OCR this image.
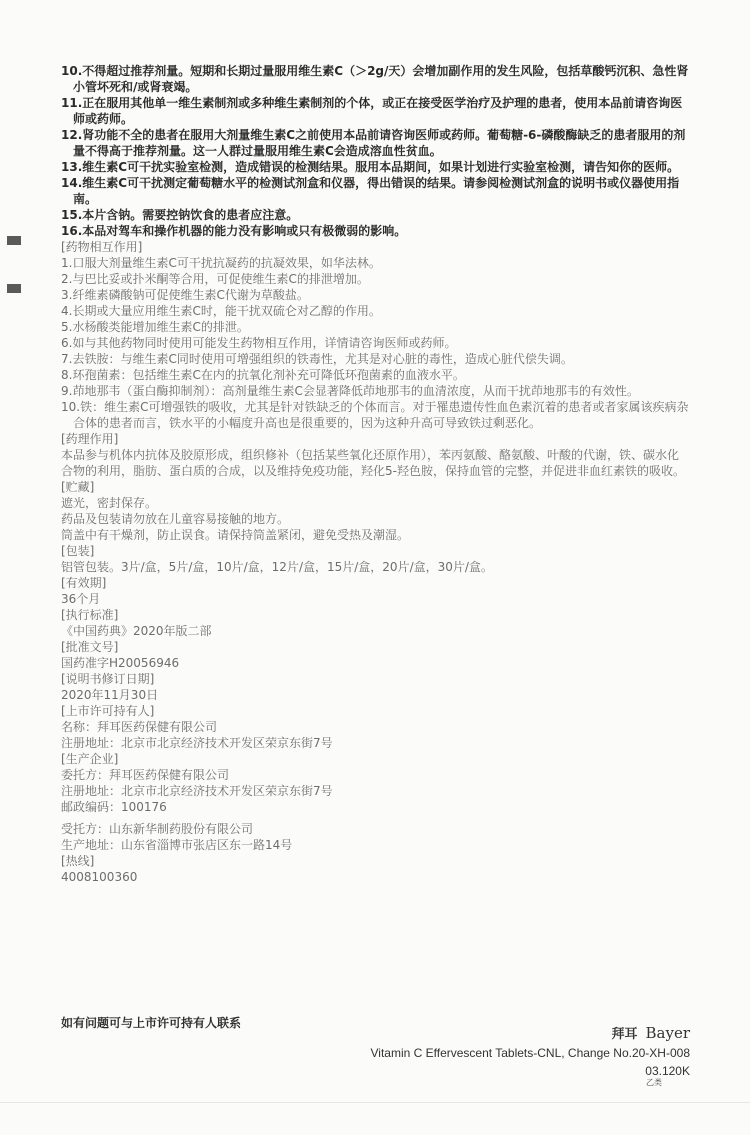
10.不得超过推荐剂量。短期和长期过量服用维生素C（＞2g/天）会增加副作用的发生风险，包括草酸钙沉积、急性肾小管坏死和/或肾衰竭。

11.正在服用其他单一维生素制剂或多种维生素制剂的个体，或正在接受医学治疗及护理的患者，使用本品前请咨询医师或药师。

12.肾功能不全的患者在服用大剂量维生素C之前使用本品前请咨询医师或药师。葡萄糖-6-磷酸酶缺乏的患者服用的剂量不得高于推荐剂量。这一人群过量服用维生素C会造成溶血性贫血。

13.维生素C可干扰实验室检测，造成错误的检测结果。服用本品期间，如果计划进行实验室检测，请告知你的医师。

14.维生素C可干扰测定葡萄糖水平的检测试剂盒和仪器，得出错误的结果。请参阅检测试剂盒的说明书或仪器使用指南。

15.本片含钠。需要控钠饮食的患者应注意。

16.本品对驾车和操作机器的能力没有影响或只有极微弱的影响。

[药物相互作用]

1.口服大剂量维生素C可干扰抗凝药的抗凝效果，如华法林。

2.与巴比妥或扑米酮等合用，可促使维生素C的排泄增加。

3.纤维素磷酸钠可促使维生素C代谢为草酸盐。

4.长期或大量应用维生素C时，能干扰双硫仑对乙醇的作用。

5.水杨酸类能增加维生素C的排泄。

6.如与其他药物同时使用可能发生药物相互作用，详情请咨询医师或药师。

7.去铁胺：与维生素C同时使用可增强组织的铁毒性，尤其是对心脏的毒性，造成心脏代偿失调。

8.环孢菌素：包括维生素C在内的抗氧化剂补充可降低环孢菌素的血液水平。

9.茚地那韦（蛋白酶抑制剂）：高剂量维生素C会显著降低茚地那韦的血清浓度，从而干扰茚地那韦的有效性。

10.铁：维生素C可增强铁的吸收，尤其是针对铁缺乏的个体而言。对于罹患遗传性血色素沉着的患者或者家属该疾病杂合体的患者而言，铁水平的小幅度升高也是很重要的，因为这种升高可导致铁过剩恶化。

[药理作用]

本品参与机体内抗体及胶原形成，组织修补（包括某些氧化还原作用），苯丙氨酸、酪氨酸、叶酸的代谢，铁、碳水化合物的利用，脂肪、蛋白质的合成，以及维持免疫功能，羟化5-羟色胺，保持血管的完整，并促进非血红素铁的吸收。

[贮藏]

遮光，密封保存。

药品及包装请勿放在儿童容易接触的地方。

筒盖中有干燥剂，防止误食。请保持筒盖紧闭，避免受热及潮湿。

[包装]

铝管包装。3片/盒，5片/盒，10片/盒，12片/盒，15片/盒，20片/盒，30片/盒。

[有效期]

36个月

[执行标准]

《中国药典》2020年版二部

[批准文号]

国药准字H20056946

[说明书修订日期]

2020年11月30日

[上市许可持有人]

名称：拜耳医药保健有限公司

注册地址：北京市北京经济技术开发区荣京东街7号

[生产企业]

委托方：拜耳医药保健有限公司

注册地址：北京市北京经济技术开发区荣京东街7号

邮政编码：100176

受托方：山东新华制药股份有限公司

生产地址：山东省淄博市张店区东一路14号

[热线]

4008100360

如有问题可与上市许可持有人联系
拜耳 Bayer
Vitamin C Effervescent Tablets-CNL, Change No.20-XH-008
03.120K
乙类
